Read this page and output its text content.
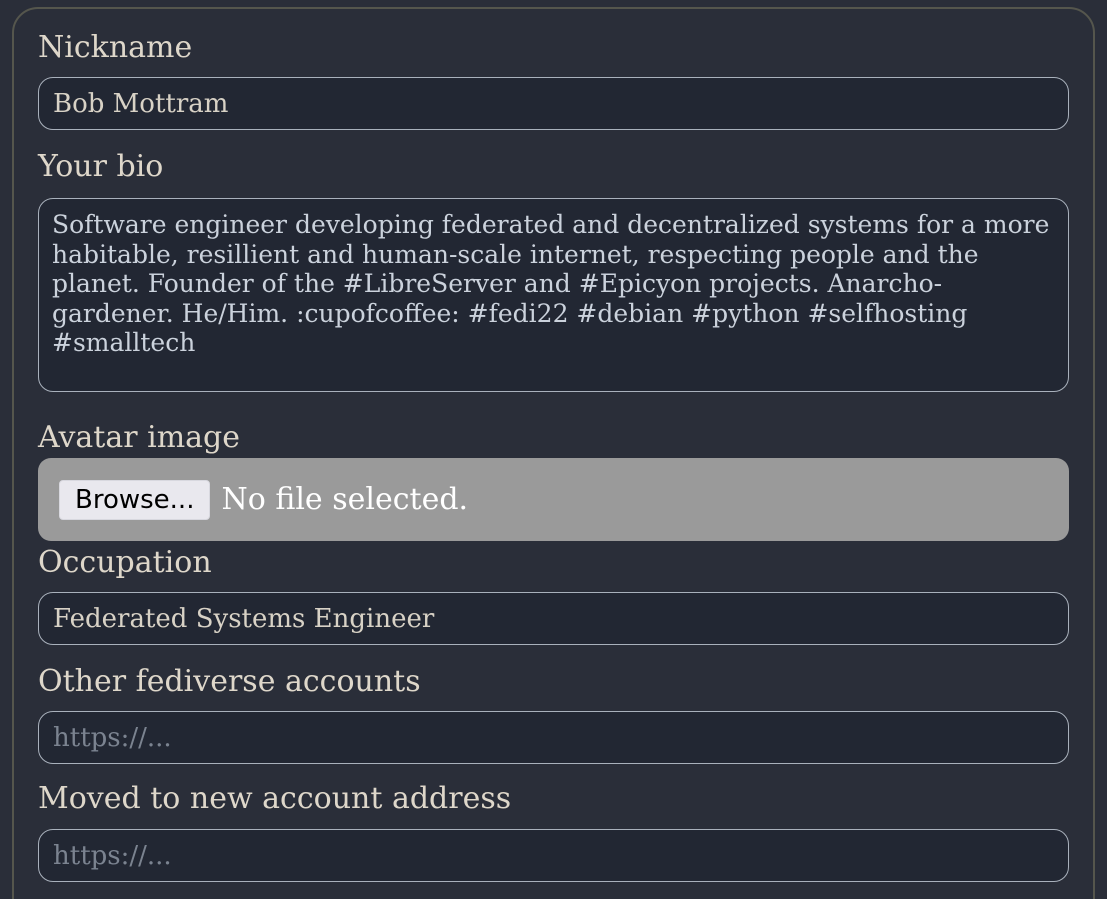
Nickname
Bob Mottram
Your bio
Software engineer developing federated and decentralized systems for a more habitable, resillient and human-scale internet, respecting people and the planet. Founder of the #LibreServer and #Epicyon projects. Anarcho-gardener. He/Him. :cupofcoffee: #fedi22 #debian #python #selfhosting #smalltech
Avatar image
Browse... No file selected.
Occupation
Federated Systems Engineer
Other fediverse accounts
https://...
Moved to new account address
https://...
